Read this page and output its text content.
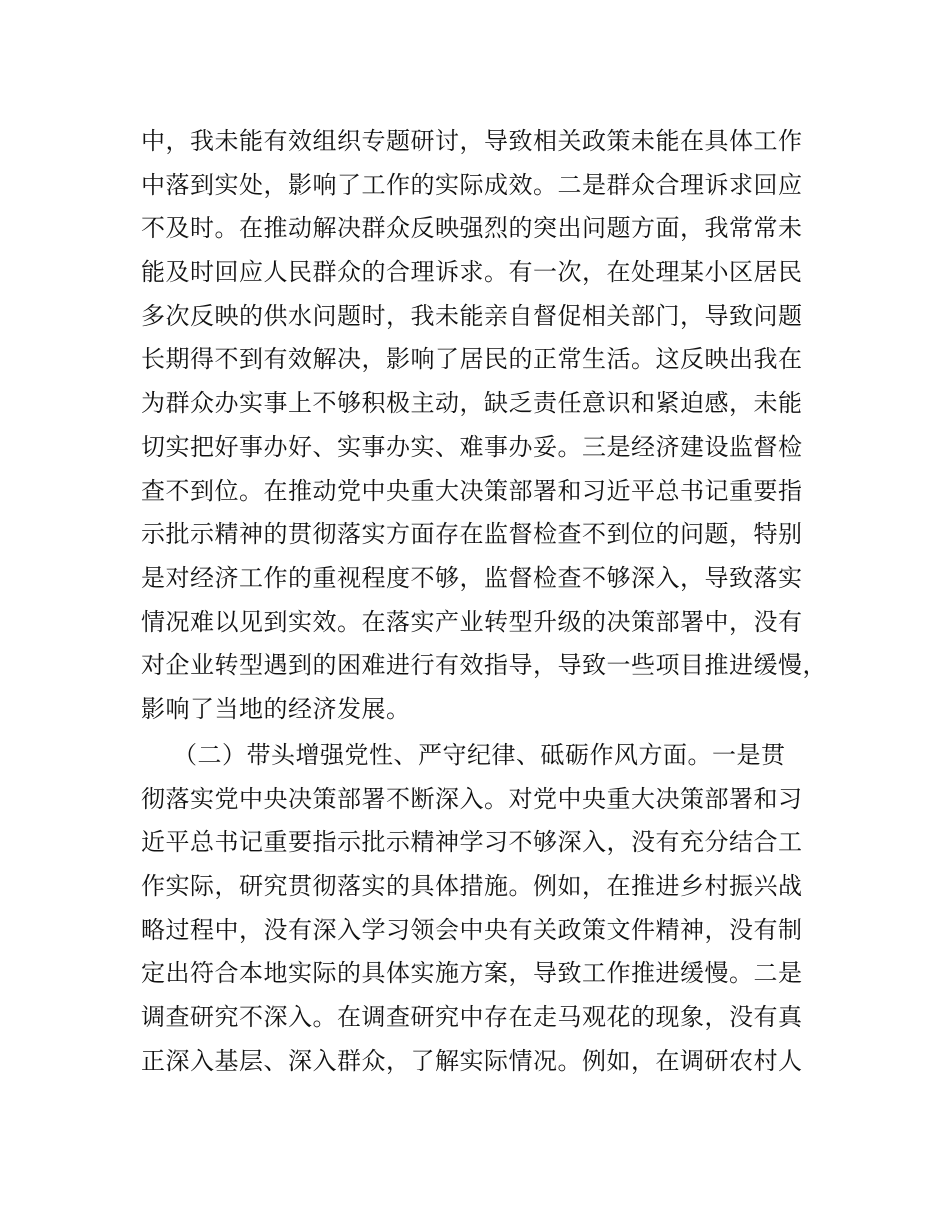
中，我未能有效组织专题研讨，导致相关政策未能在具体工作
中落到实处，影响了工作的实际成效。二是群众合理诉求回应
不及时。在推动解决群众反映强烈的突出问题方面，我常常未
能及时回应人民群众的合理诉求。有一次，在处理某小区居民
多次反映的供水问题时，我未能亲自督促相关部门，导致问题
长期得不到有效解决，影响了居民的正常生活。这反映出我在
为群众办实事上不够积极主动，缺乏责任意识和紧迫感，未能
切实把好事办好、实事办实、难事办妥。三是经济建设监督检
查不到位。在推动党中央重大决策部署和习近平总书记重要指
示批示精神的贯彻落实方面存在监督检查不到位的问题，特别
是对经济工作的重视程度不够，监督检查不够深入，导致落实
情况难以见到实效。在落实产业转型升级的决策部署中，没有
对企业转型遇到的困难进行有效指导，导致一些项目推进缓慢，
影响了当地的经济发展。
（二）带头增强党性、严守纪律、砥砺作风方面。一是贯
彻落实党中央决策部署不断深入。对党中央重大决策部署和习
近平总书记重要指示批示精神学习不够深入，没有充分结合工
作实际，研究贯彻落实的具体措施。例如，在推进乡村振兴战
略过程中，没有深入学习领会中央有关政策文件精神，没有制
定出符合本地实际的具体实施方案，导致工作推进缓慢。二是
调查研究不深入。在调查研究中存在走马观花的现象，没有真
正深入基层、深入群众，了解实际情况。例如，在调研农村人
